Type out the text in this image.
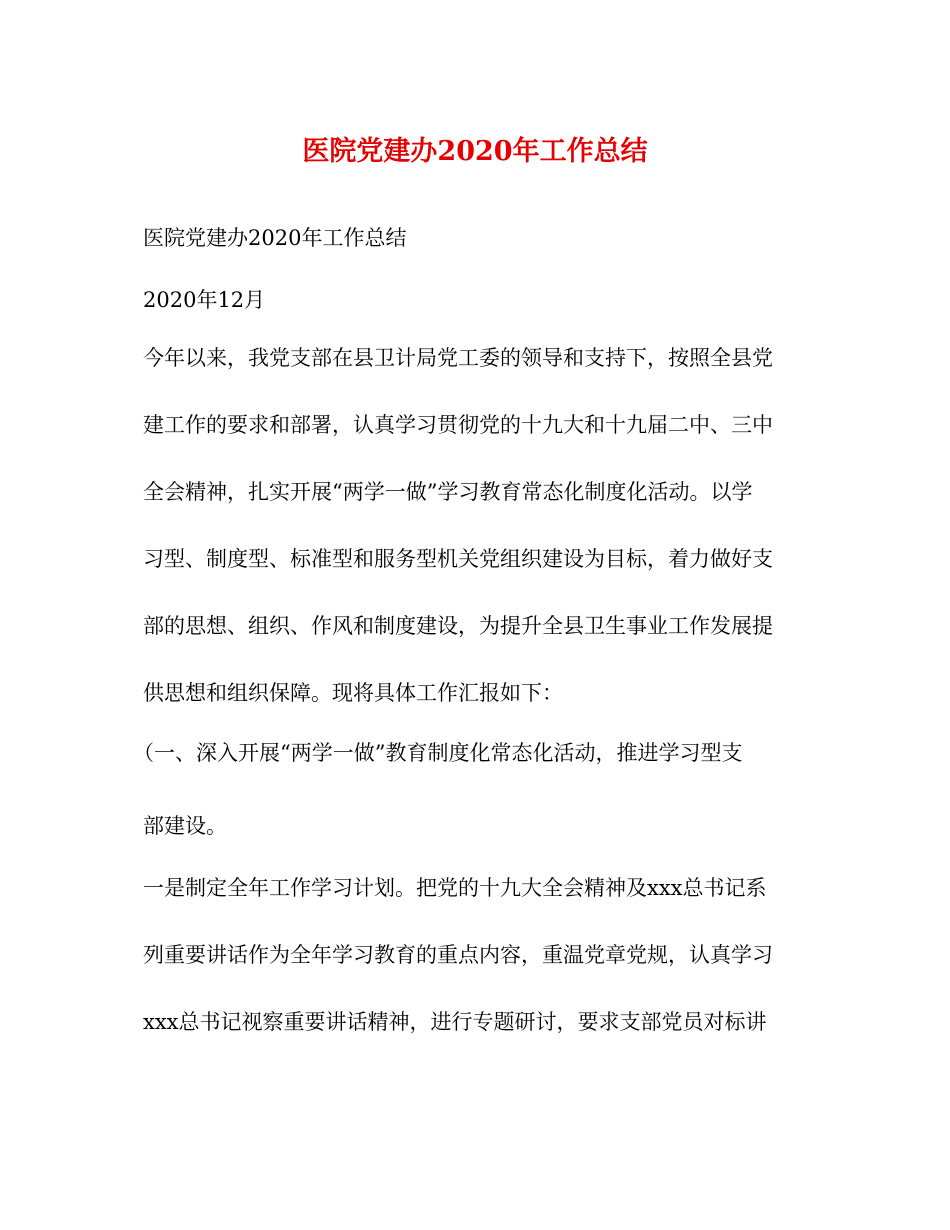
医院党建办2020年工作总结
医院党建办2020年工作总结
2020年12月
今年以来，我党支部在县卫计局党工委的领导和支持下，按照全县党
建工作的要求和部署，认真学习贯彻党的十九大和十九届二中、三中
全会精神，扎实开展“两学一做”学习教育常态化制度化活动。以学
习型、制度型、标准型和服务型机关党组织建设为目标，着力做好支
部的思想、组织、作风和制度建设，为提升全县卫生事业工作发展提
供思想和组织保障。现将具体工作汇报如下：
（一、深入开展“两学一做”教育制度化常态化活动，推进学习型支
部建设。
一是制定全年工作学习计划。把党的十九大全会精神及xxx总书记系
列重要讲话作为全年学习教育的重点内容，重温党章党规，认真学习
xxx总书记视察重要讲话精神，进行专题研讨，要求支部党员对标讲
